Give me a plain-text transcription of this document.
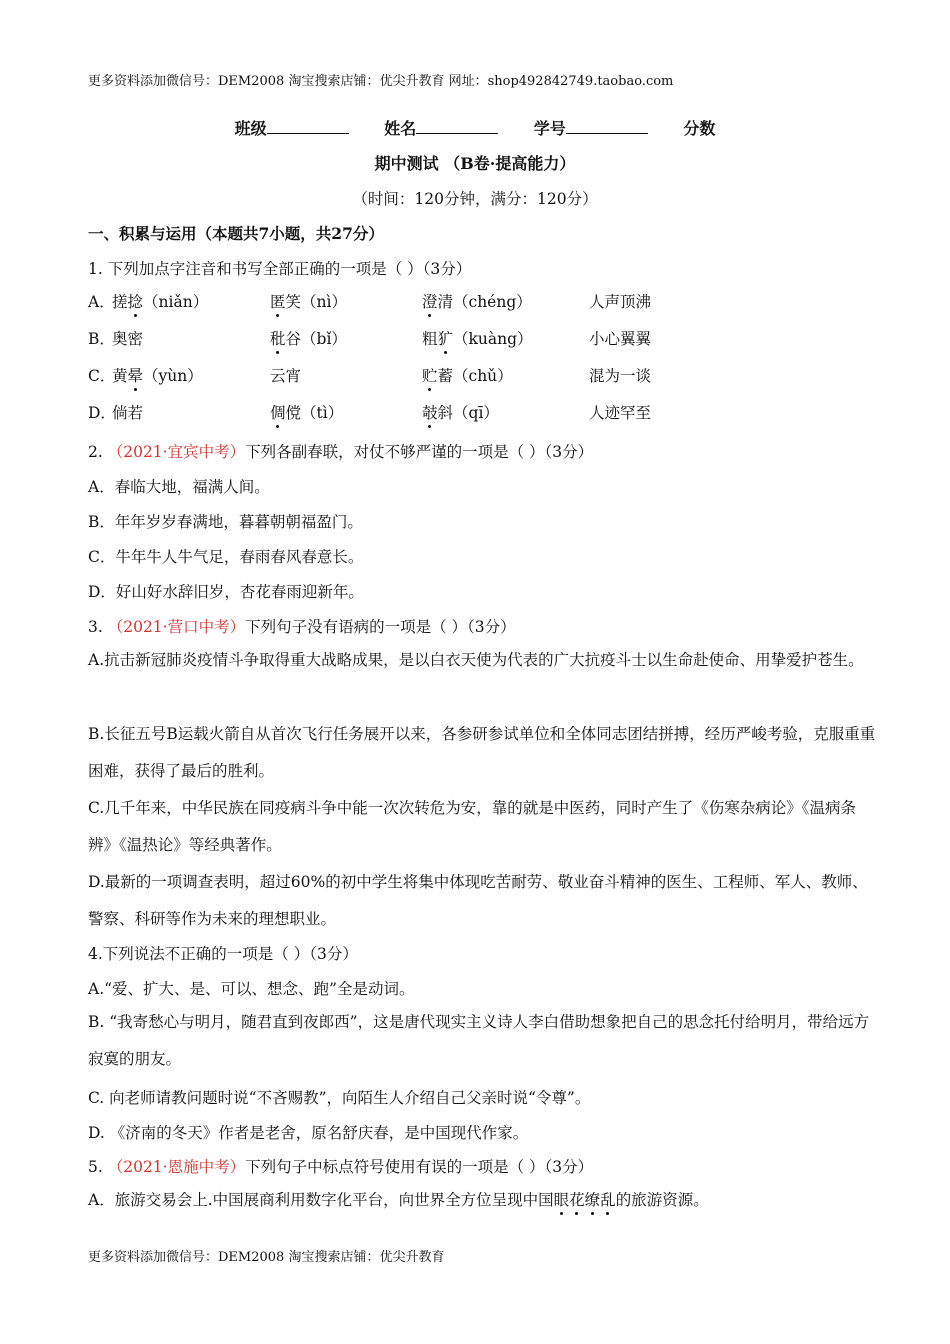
更多资料添加微信号：DEM2008 淘宝搜索店铺：优尖升教育 网址：shop492842749.taobao.com
班级	姓名	学号	分数
期中测试 （B卷·提高能力）
（时间：120分钟，满分：120分）
一、积累与运用（本题共7小题，共27分）
1. 下列加点字注音和书写全部正确的一项是（ ）（3分）
A．
搓捻（niǎn）	匿笑（nì）	澄清（chéng）	人声顶沸
B．
奥密	秕谷（bǐ）	粗犷（kuàng）	小心翼翼
C．
黄晕（yùn）	云宵	贮蓄（chǔ）	混为一谈
D．
倘若	倜傥（tì）	攲斜（qī）	人迹罕至
2. （2021·宜宾中考）下列各副春联，对仗不够严谨的一项是（ ）（3分）
A．春临大地，福满人间。
B．年年岁岁春满地，暮暮朝朝福盈门。
C．牛年牛人牛气足，春雨春风春意长。
D．好山好水辞旧岁，杏花春雨迎新年。
3. （2021·营口中考）下列句子没有语病的一项是（ ）（3分）
A.抗击新冠肺炎疫情斗争取得重大战略成果，是以白衣天使为代表的广大抗疫斗士以生命赴使命、用挚爱护苍生。
B.长征五号B运载火箭自从首次飞行任务展开以来，各参研参试单位和全体同志团结拼搏，经历严峻考验，克服重重困难，获得了最后的胜利。
C.几千年来，中华民族在同疫病斗争中能一次次转危为安，靠的就是中医药，同时产生了《伤寒杂病论》《温病条辨》《温热论》等经典著作。
D.最新的一项调查表明，超过60%的初中学生将集中体现吃苦耐劳、敬业奋斗精神的医生、工程师、军人、教师、警察、科研等作为未来的理想职业。
4.下列说法不正确的一项是（ ）（3分）
A.“爱、扩大、是、可以、想念、跑”全是动词。
B. “我寄愁心与明月，随君直到夜郎西”，这是唐代现实主义诗人李白借助想象把自己的思念托付给明月，带给远方寂寞的朋友。
C. 向老师请教问题时说“不吝赐教”，向陌生人介绍自己父亲时说“令尊”。
D. 《济南的冬天》作者是老舍，原名舒庆春，是中国现代作家。
5. （2021·恩施中考）下列句子中标点符号使用有误的一项是（ ）（3分）
A．旅游交易会上.中国展商利用数字化平台，向世界全方位呈现中国眼花缭乱的旅游资源。
更多资料添加微信号：DEM2008 淘宝搜索店铺：优尖升教育
